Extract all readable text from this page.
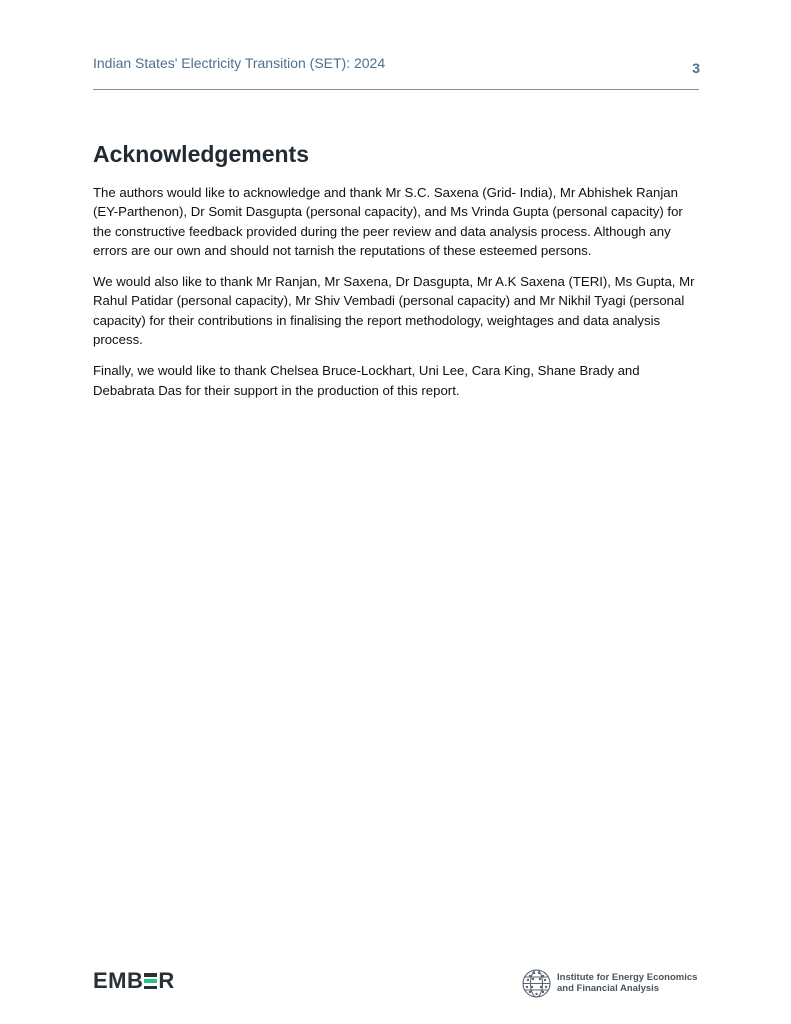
Indian States' Electricity Transition (SET): 2024	3
Acknowledgements

The authors would like to acknowledge and thank Mr S.C. Saxena (Grid- India), Mr Abhishek Ranjan (EY-Parthenon), Dr Somit Dasgupta (personal capacity), and Ms Vrinda Gupta (personal capacity) for the constructive feedback provided during the peer review and data analysis process. Although any errors are our own and should not tarnish the reputations of these esteemed persons.

We would also like to thank Mr Ranjan, Mr Saxena, Dr Dasgupta, Mr A.K Saxena (TERI), Ms Gupta, Mr Rahul Patidar (personal capacity), Mr Shiv Vembadi (personal capacity) and Mr Nikhil Tyagi (personal capacity) for their contributions in finalising the report methodology, weightages and data analysis process.

Finally, we would like to thank Chelsea Bruce-Lockhart, Uni Lee, Cara King, Shane Brady and Debabrata Das for their support in the production of this report.

EMB R	Institute for Energy Economics
and Financial Analysis
